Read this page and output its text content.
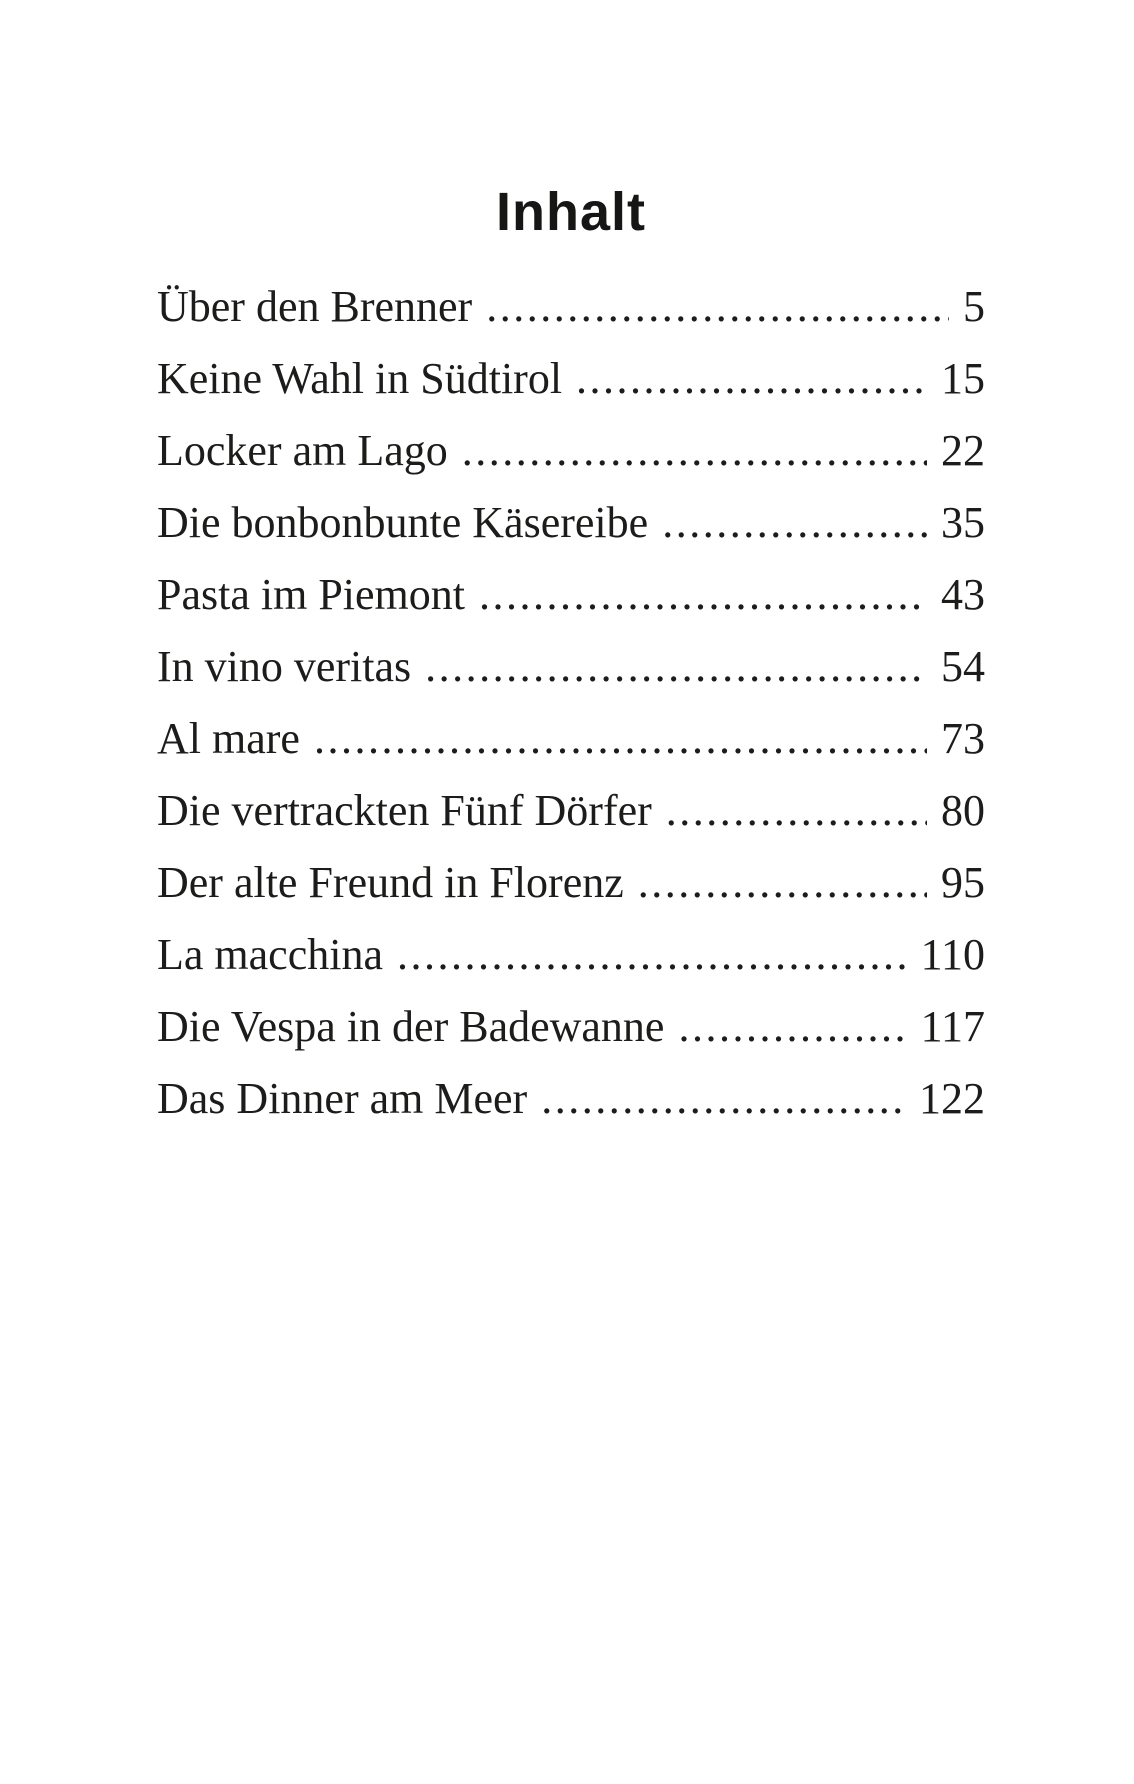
Inhalt
Über den Brenner .....	5
Keine Wahl in Südtirol .....	15
Locker am Lago .....	22
Die bonbonbunte Käsereibe .....	35
Pasta im Piemont .....	43
In vino veritas .....	54
Al mare .....	73
Die vertrackten Fünf Dörfer .....	80
Der alte Freund in Florenz .....	95
La macchina .....	110
Die Vespa in der Badewanne .....	117
Das Dinner am Meer .....	122
